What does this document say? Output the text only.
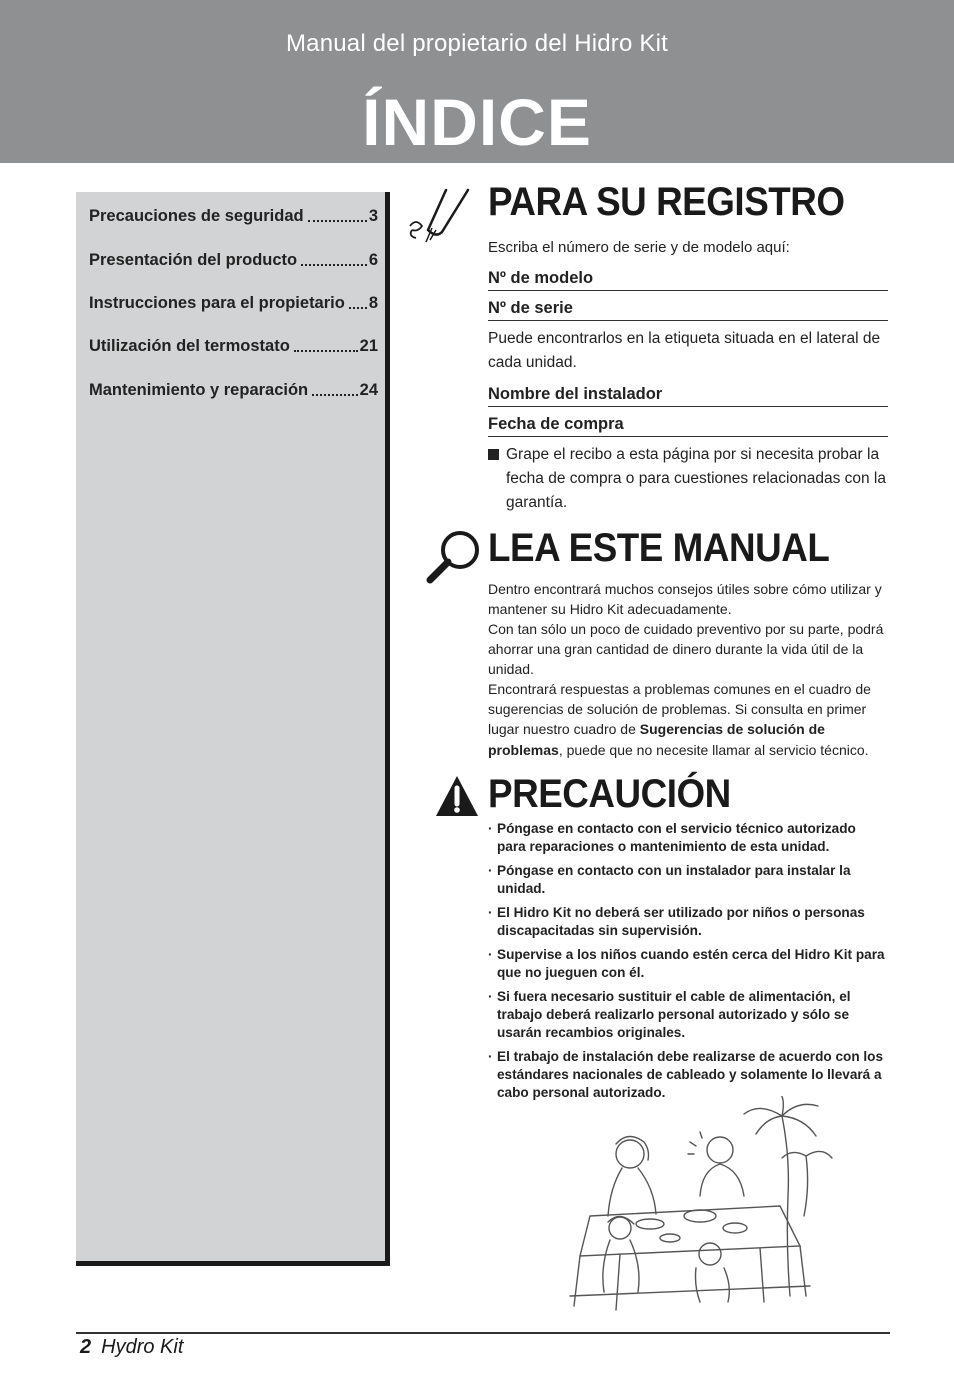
Manual del propietario del Hidro Kit
ÍNDICE
Precauciones de seguridad	3
Presentación del producto	6
Instrucciones para el propietario 8
Utilización del termostato	21
Mantenimiento y reparación	24
PARA SU REGISTRO
Escriba el número de serie y de modelo aquí:
Nº de modelo
Nº de serie
Puede encontrarlos en la etiqueta situada en el lateral de cada unidad.
Nombre del instalador
Fecha de compra
Grape el recibo a esta página por si necesita probar la fecha de compra o para cuestiones relacionadas con la garantía.
LEA ESTE MANUAL
Dentro encontrará muchos consejos útiles sobre cómo utilizar y mantener su Hidro Kit adecuadamente.
Con tan sólo un poco de cuidado preventivo por su parte, podrá ahorrar una gran cantidad de dinero durante la vida útil de la unidad.
Encontrará respuestas a problemas comunes en el cuadro de sugerencias de solución de problemas. Si consulta en primer lugar nuestro cuadro de Sugerencias de solución de problemas, puede que no necesite llamar al servicio técnico.
PRECAUCIÓN
· Póngase en contacto con el servicio técnico autorizado para reparaciones o mantenimiento de esta unidad.
· Póngase en contacto con un instalador para instalar la unidad.
· El Hidro Kit no deberá ser utilizado por niños o personas discapacitadas sin supervisión.
· Supervise a los niños cuando estén cerca del Hidro Kit para que no jueguen con él.
· Si fuera necesario sustituir el cable de alimentación, el trabajo deberá realizarlo personal autorizado y sólo se usarán recambios originales.
· El trabajo de instalación debe realizarse de acuerdo con los estándares nacionales de cableado y solamente lo llevará a cabo personal autorizado.
2 Hydro Kit
